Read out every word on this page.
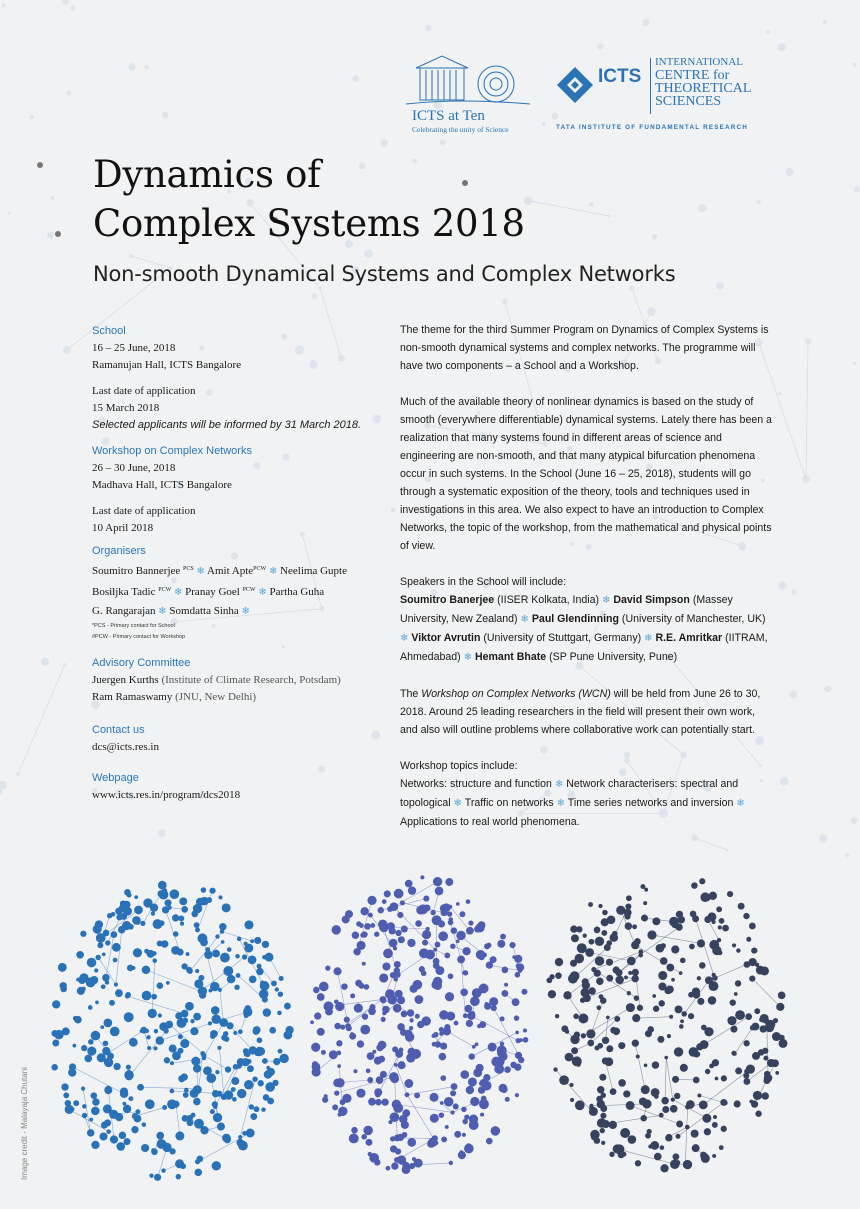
ICTS at Ten
Celebrating the unity of Science
ICTS
INTERNATIONAL
CENTRE for
THEORETICAL
SCIENCES
TATA INSTITUTE OF FUNDAMENTAL RESEARCH
Dynamics of
Complex Systems 2018
Non-smooth Dynamical Systems and Complex Networks
School
16 – 25 June, 2018
Ramanujan Hall, ICTS Bangalore
Last date of application
15 March 2018
Selected applicants will be informed by 31 March 2018.
Workshop on Complex Networks
26 – 30 June, 2018
Madhava Hall, ICTS Bangalore
Last date of application
10 April 2018
Organisers
Soumitro Bannerjee $^{PCS}$ ❄ Amit Apte$^{PCW}$ ❄ Neelima Gupte
Bosiljka Tadic $^{PCW}$ ❄ Pranay Goel $^{PCW}$ ❄ Partha Guha
G. Rangarajan ❄ Somdatta Sinha ❄
*PCS - Primary contact for School
#PCW - Primary contact for Workshop
Advisory Committee
Juergen Kurths (Institute of Climate Research, Potsdam)
Ram Ramaswamy (JNU, New Delhi)
Contact us
dcs@icts.res.in
Webpage
www.icts.res.in/program/dcs2018

The theme for the third Summer Program on Dynamics of Complex Systems is non-smooth dynamical systems and complex networks. The programme will have two components – a School and a Workshop.

Much of the available theory of nonlinear dynamics is based on the study of smooth (everywhere differentiable) dynamical systems. Lately there has been a realization that many systems found in different areas of science and engineering are non-smooth, and that many atypical bifurcation phenomena occur in such systems. In the School (June 16 – 25, 2018), students will go through a systematic exposition of the theory, tools and techniques used in investigations in this area. We also expect to have an introduction to Complex Networks, the topic of the workshop, from the mathematical and physical points of view.

Speakers in the School will include:
Soumitro Banerjee (IISER Kolkata, India) ❄ David Simpson (Massey University, New Zealand) ❄ Paul Glendinning (University of Manchester, UK) ❄ Viktor Avrutin (University of Stuttgart, Germany) ❄ R.E. Amritkar (IITRAM, Ahmedabad) ❄ Hemant Bhate (SP Pune University, Pune)

The Workshop on Complex Networks (WCN) will be held from June 26 to 30, 2018. Around 25 leading researchers in the field will present their own work, and also will outline problems where collaborative work can potentially start.

Workshop topics include:
Networks: structure and function ❄ Network characterisers: spectral and topological ❄ Traffic on networks ❄ Time series networks and inversion ❄ Applications to real world phenomena.

Image credit - Malayaja Chutani
